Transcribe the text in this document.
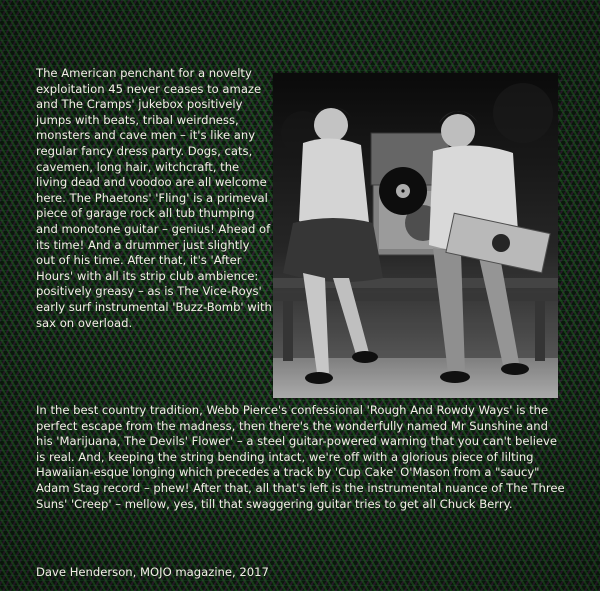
The American penchant for a novelty exploitation 45 never ceases to amaze and The Cramps' jukebox positively jumps with beats, tribal weirdness, monsters and cave men – it's like any regular fancy dress party. Dogs, cats, cavemen, long hair, witchcraft, the living dead and voodoo are all welcome here. The Phaetons' 'Fling' is a primeval piece of garage rock all tub thumping and monotone guitar – genius! Ahead of its time! And a drummer just slightly out of his time. After that, it's 'After Hours' with all its strip club ambience: positively greasy – as is The Vice-Roys' early surf instrumental 'Buzz-Bomb' with sax on overload.

In the best country tradition, Webb Pierce's confessional 'Rough And Rowdy Ways' is the perfect escape from the madness, then there's the wonderfully named Mr Sunshine and his 'Marijuana, The Devils' Flower' – a steel guitar-powered warning that you can't believe is real. And, keeping the string bending intact, we're off with a glorious piece of lilting Hawaiian-esque longing which precedes a track by 'Cup Cake' O'Mason from a "saucy" Adam Stag record – phew! After that, all that's left is the instrumental nuance of The Three Suns' 'Creep' – mellow, yes, till that swaggering guitar tries to get all Chuck Berry.

Dave Henderson, MOJO magazine, 2017
